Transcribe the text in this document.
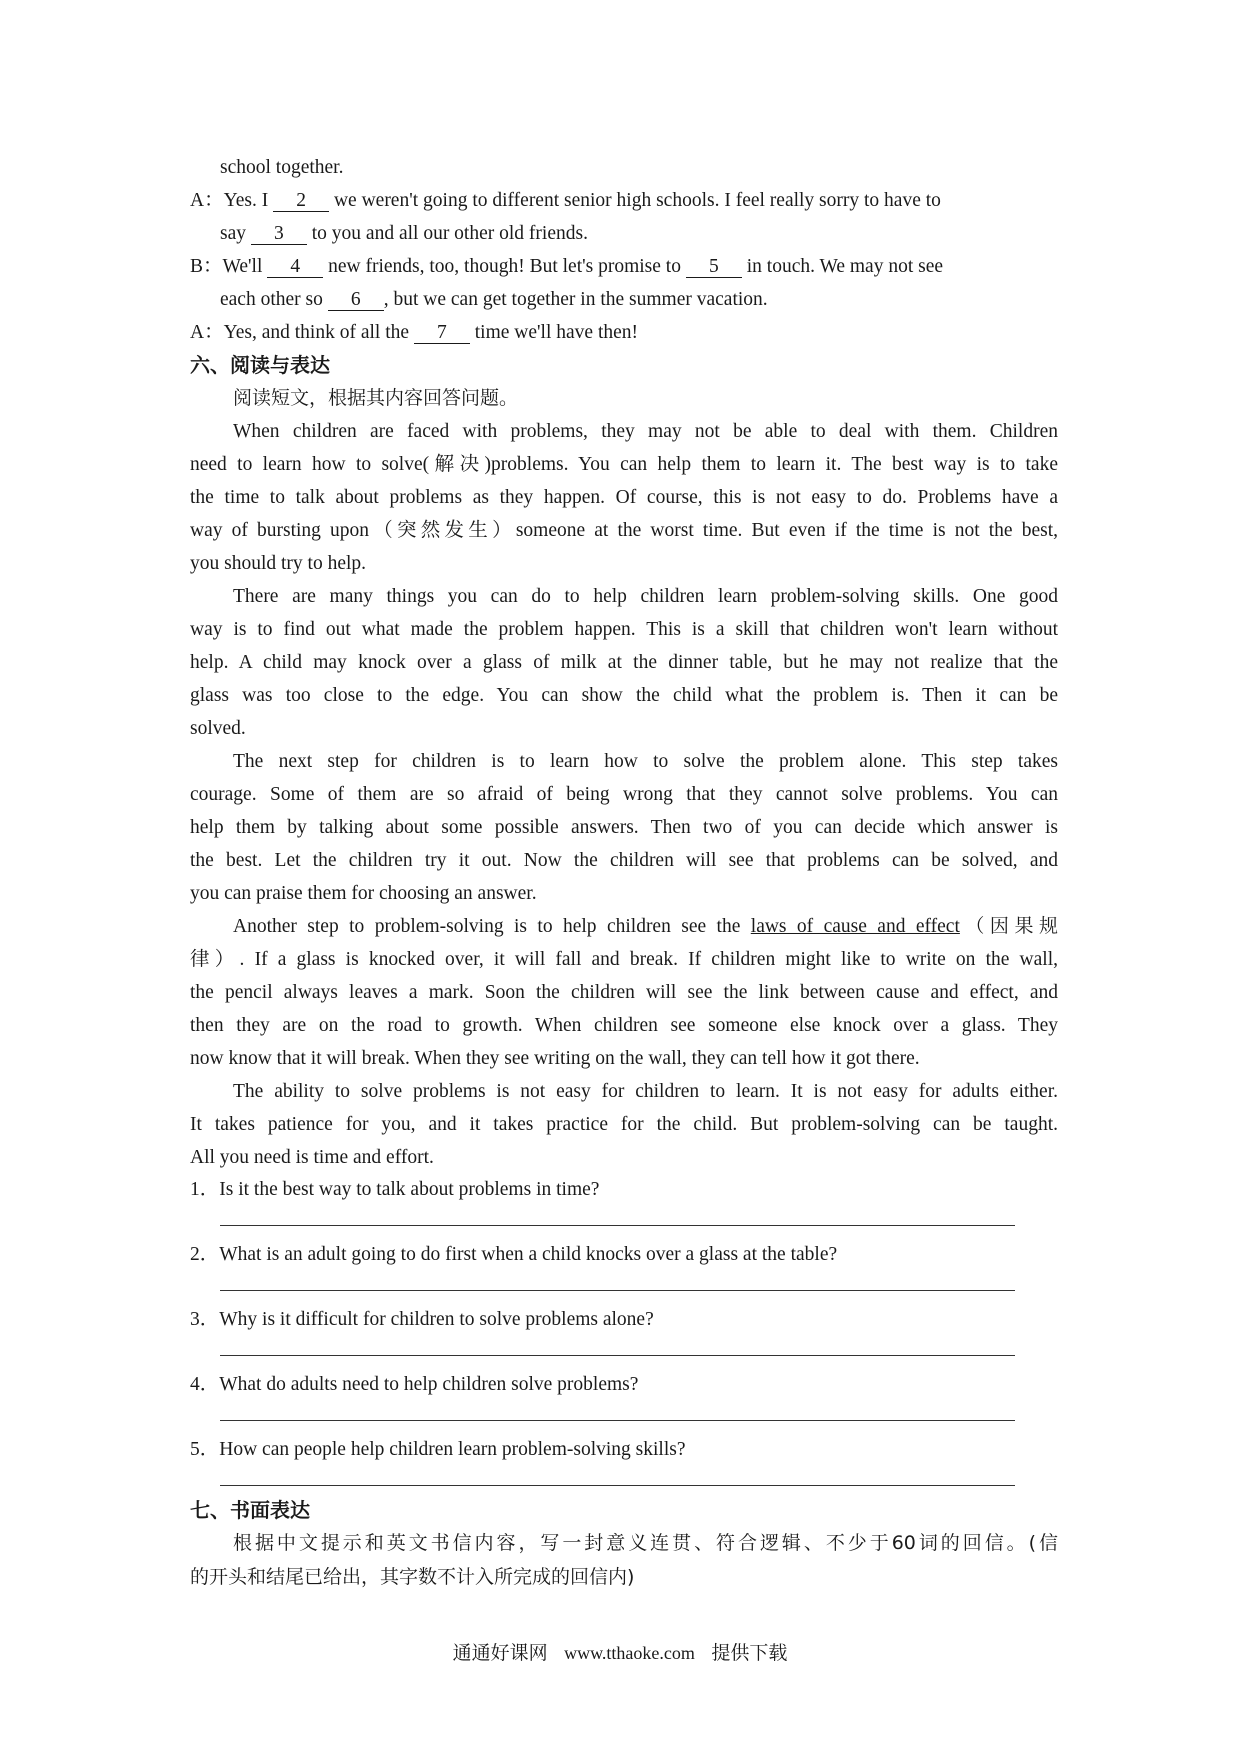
school together.
A：Yes. I 2 we weren't going to different senior high schools. I feel really sorry to have to
say 3 to you and all our other old friends.
B：We'll 4 new friends, too, though! But let's promise to 5 in touch. We may not see
each other so 6 , but we can get together in the summer vacation.
A：Yes, and think of all the 7 time we'll have then!
六、阅读与表达
阅读短文，根据其内容回答问题。
When children are faced with problems, they may not be able to deal with them. Children
need to learn how to solve(解决)problems. You can help them to learn it. The best way is to take
the time to talk about problems as they happen. Of course, this is not easy to do. Problems have a
way of bursting upon（突然发生）someone at the worst time. But even if the time is not the best,
you should try to help.
There are many things you can do to help children learn problem-solving skills. One good
way is to find out what made the problem happen. This is a skill that children won't learn without
help. A child may knock over a glass of milk at the dinner table, but he may not realize that the
glass was too close to the edge. You can show the child what the problem is. Then it can be
solved.
The next step for children is to learn how to solve the problem alone. This step takes
courage. Some of them are so afraid of being wrong that they cannot solve problems. You can
help them by talking about some possible answers. Then two of you can decide which answer is
the best. Let the children try it out. Now the children will see that problems can be solved, and
you can praise them for choosing an answer.
Another step to problem-solving is to help children see the laws of cause and effect（因果规
律）. If a glass is knocked over, it will fall and break. If children might like to write on the wall,
the pencil always leaves a mark. Soon the children will see the link between cause and effect, and
then they are on the road to growth. When children see someone else knock over a glass. They
now know that it will break. When they see writing on the wall, they can tell how it got there.
The ability to solve problems is not easy for children to learn. It is not easy for adults either.
It takes patience for you, and it takes practice for the child. But problem-solving can be taught.
All you need is time and effort.
1．Is it the best way to talk about problems in time?
2．What is an adult going to do first when a child knocks over a glass at the table?
3．Why is it difficult for children to solve problems alone?
4．What do adults need to help children solve problems?
5．How can people help children learn problem-solving skills?
七、书面表达
根据中文提示和英文书信内容，写一封意义连贯、符合逻辑、不少于60词的回信。(信
的开头和结尾已给出，其字数不计入所完成的回信内)
通通好课网 www.tthaoke.com 提供下载
